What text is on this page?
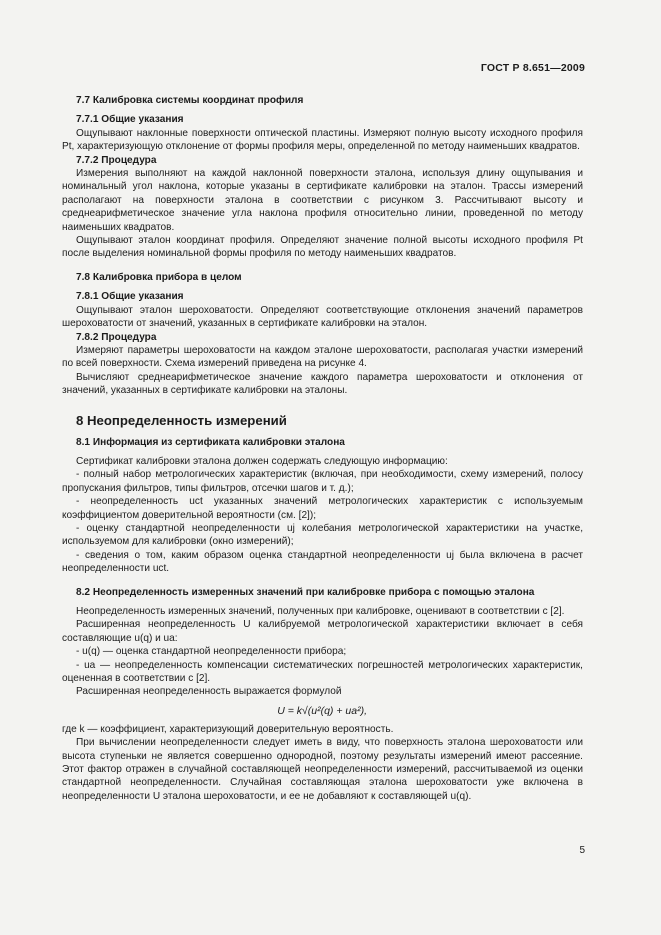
ГОСТ Р 8.651—2009
7.7 Калибровка системы координат профиля
7.7.1 Общие указания

Ощупывают наклонные поверхности оптической пластины. Измеряют полную высоту исходного профиля Pt, характеризующую отклонение от формы профиля меры, определенной по методу наименьших квадратов.

7.7.2 Процедура

Измерения выполняют на каждой наклонной поверхности эталона, используя длину ощупывания и номинальный угол наклона, которые указаны в сертификате калибровки на эталон. Трассы измерений располагают на поверхности эталона в соответствии с рисунком 3. Рассчитывают высоту и среднеарифметическое значение угла наклона профиля относительно линии, проведенной по методу наименьших квадратов.

Ощупывают эталон координат профиля. Определяют значение полной высоты исходного профиля Pt после выделения номинальной формы профиля по методу наименьших квадратов.

7.8 Калибровка прибора в целом
7.8.1 Общие указания

Ощупывают эталон шероховатости. Определяют соответствующие отклонения значений параметров шероховатости от значений, указанных в сертификате калибровки на эталон.

7.8.2 Процедура

Измеряют параметры шероховатости на каждом эталоне шероховатости, располагая участки измерений по всей поверхности. Схема измерений приведена на рисунке 4.

Вычисляют среднеарифметическое значение каждого параметра шероховатости и отклонения от значений, указанных в сертификате калибровки на эталоны.

8 Неопределенность измерений
8.1 Информация из сертификата калибровки эталона

Сертификат калибровки эталона должен содержать следующую информацию:

- полный набор метрологических характеристик (включая, при необходимости, схему измерений, полосу пропускания фильтров, типы фильтров, отсечки шагов и т. д.);

- неопределенность uct указанных значений метрологических характеристик с используемым коэффициентом доверительной вероятности (см. [2]);

- оценку стандартной неопределенности uj колебания метрологической характеристики на участке, используемом для калибровки (окно измерений);

- сведения о том, каким образом оценка стандартной неопределенности uj была включена в расчет неопределенности uct.

8.2 Неопределенность измеренных значений при калибровке прибора с помощью эталона

Неопределенность измеренных значений, полученных при калибровке, оценивают в соответствии с [2].

Расширенная неопределенность U калибруемой метрологической характеристики включает в себя составляющие u(q) и ua:

- u(q) — оценка стандартной неопределенности прибора;

- ua — неопределенность компенсации систематических погрешностей метрологических характеристик, оцененная в соответствии с [2].

Расширенная неопределенность выражается формулой

U = k√(u²(q) + ua²),

где k — коэффициент, характеризующий доверительную вероятность.

При вычислении неопределенности следует иметь в виду, что поверхность эталона шероховатости или высота ступеньки не является совершенно однородной, поэтому результаты измерений имеют рассеяние. Этот фактор отражен в случайной составляющей неопределенности измерений, рассчитываемой из оценки стандартной неопределенности. Случайная составляющая эталона шероховатости уже включена в неопределенности U эталона шероховатости, и ее не добавляют к составляющей u(q).

5
